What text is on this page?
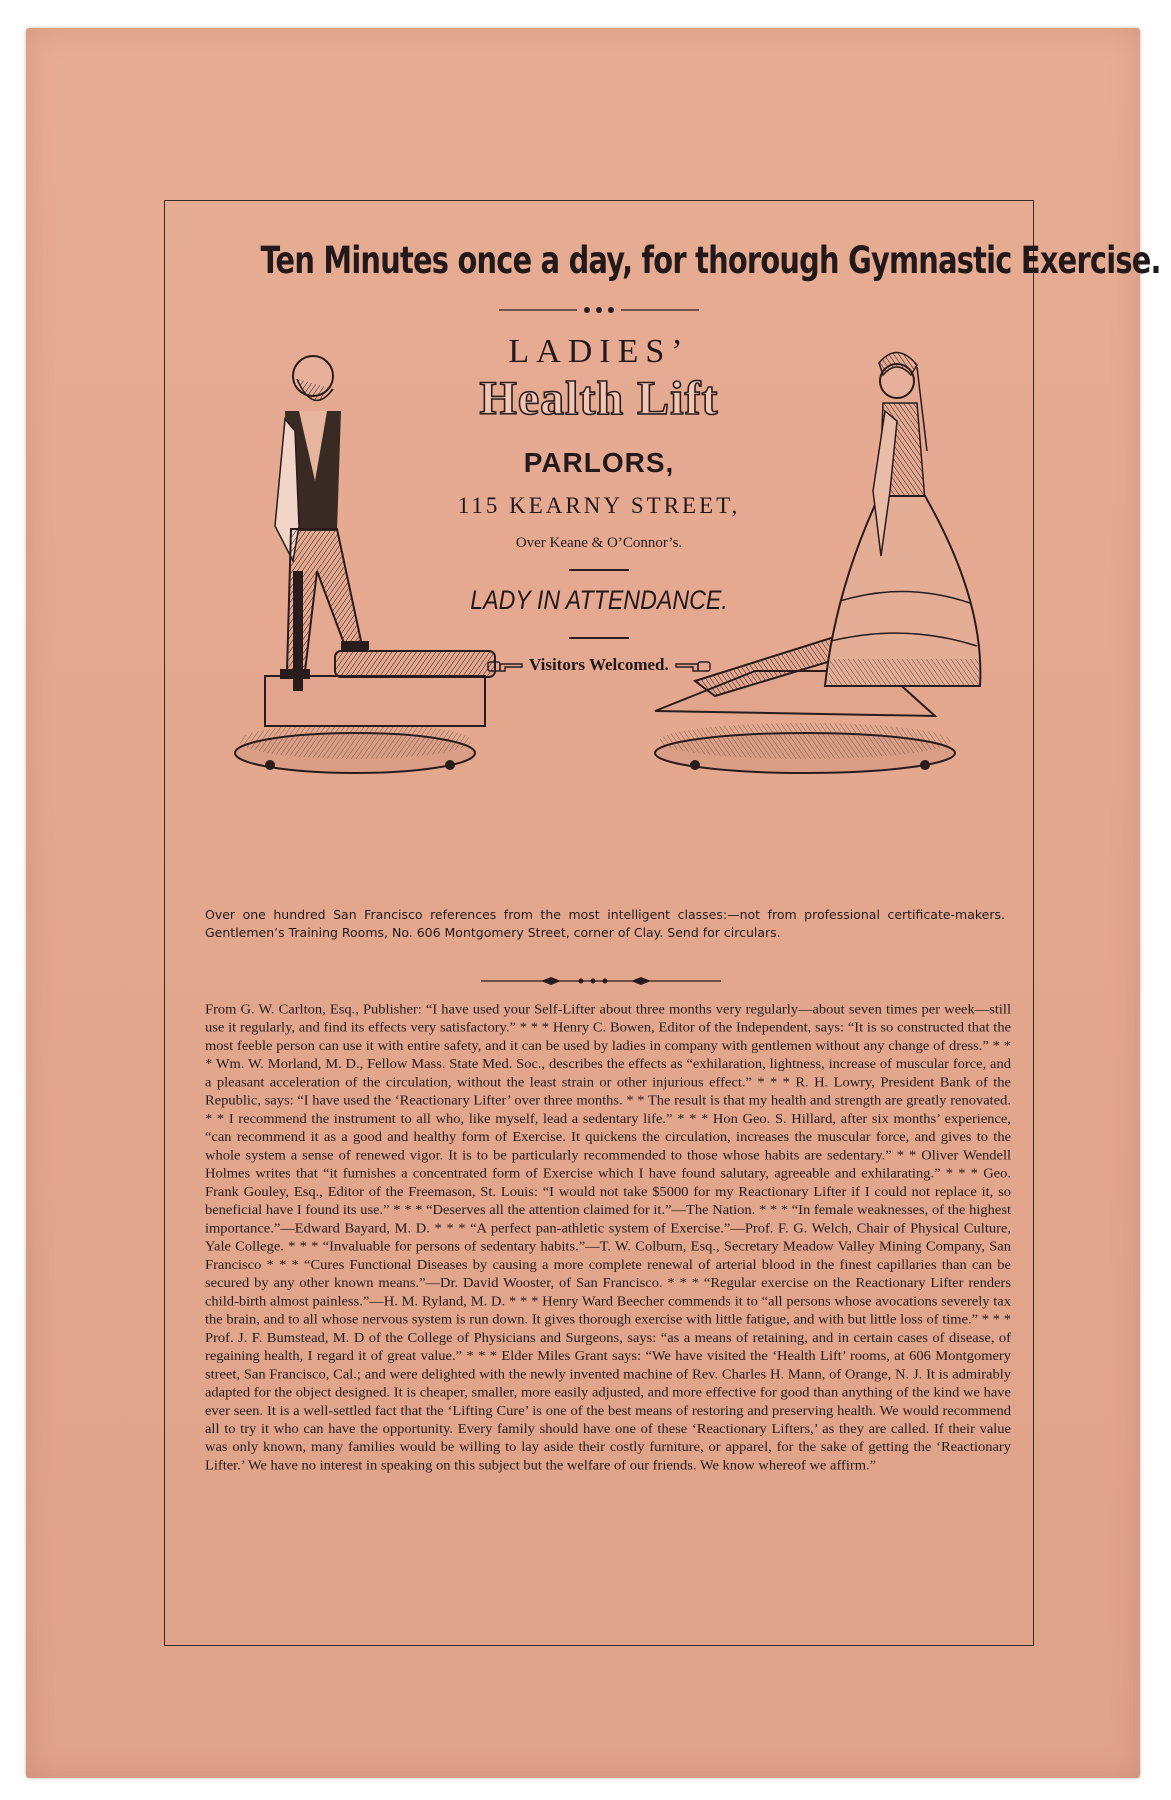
Ten Minutes once a day, for thorough Gymnastic Exercise.
LADIES’
Health Lift
PARLORS,
115 KEARNY STREET,
Over Keane & O’Connor’s.
LADY IN ATTENDANCE.
Visitors Welcomed.
Over one hundred San Francisco references from the most intelligent classes:—not from professional certificate-makers. Gentlemen’s Training Rooms, No. 606 Montgomery Street, corner of Clay. Send for circulars.

From G. W. Carlton, Esq., Publisher: “I have used your Self-Lifter about three months very regularly—about seven times per week—still use it regularly, and find its effects very satisfactory.” * * * Henry C. Bowen, Editor of the Independent, says: “It is so constructed that the most feeble person can use it with entire safety, and it can be used by ladies in company with gentlemen without any change of dress.” * * * Wm. W. Morland, M. D., Fellow Mass. State Med. Soc., describes the effects as “exhilaration, lightness, increase of muscular force, and a pleasant acceleration of the circulation, without the least strain or other injurious effect.” * * * R. H. Lowry, President Bank of the Republic, says: “I have used the ‘Reactionary Lifter’ over three months. * * The result is that my health and strength are greatly renovated. * * I recommend the instrument to all who, like myself, lead a sedentary life.” * * * Hon Geo. S. Hillard, after six months’ experience, “can recommend it as a good and healthy form of Exercise. It quickens the circulation, increases the muscular force, and gives to the whole system a sense of renewed vigor. It is to be particularly recommended to those whose habits are sedentary.” * * Oliver Wendell Holmes writes that “it furnishes a concentrated form of Exercise which I have found salutary, agreeable and exhilarating.” * * * Geo. Frank Gouley, Esq., Editor of the Freemason, St. Louis: “I would not take $5000 for my Reactionary Lifter if I could not replace it, so beneficial have I found its use.” * * * “Deserves all the attention claimed for it.”—The Nation. * * * “In female weaknesses, of the highest importance.”—Edward Bayard, M. D. * * * “A perfect pan-athletic system of Exercise.”—Prof. F. G. Welch, Chair of Physical Culture, Yale College. * * * “Invaluable for persons of sedentary habits.”—T. W. Colburn, Esq., Secretary Meadow Valley Mining Company, San Francisco * * * “Cures Functional Diseases by causing a more complete renewal of arterial blood in the finest capillaries than can be secured by any other known means.”—Dr. David Wooster, of San Francisco. * * * “Regular exercise on the Reactionary Lifter renders child-birth almost painless.”—H. M. Ryland, M. D. * * * Henry Ward Beecher commends it to “all persons whose avocations severely tax the brain, and to all whose nervous system is run down. It gives thorough exercise with little fatigue, and with but little loss of time.” * * * Prof. J. F. Bumstead, M. D of the College of Physicians and Surgeons, says: “as a means of retaining, and in certain cases of disease, of regaining health, I regard it of great value.” * * * Elder Miles Grant says: “We have visited the ‘Health Lift’ rooms, at 606 Montgomery street, San Francisco, Cal.; and were delighted with the newly invented machine of Rev. Charles H. Mann, of Orange, N. J. It is admirably adapted for the object designed. It is cheaper, smaller, more easily adjusted, and more effective for good than anything of the kind we have ever seen. It is a well-settled fact that the ‘Lifting Cure’ is one of the best means of restoring and preserving health. We would recommend all to try it who can have the opportunity. Every family should have one of these ‘Reactionary Lifters,’ as they are called. If their value was only known, many families would be willing to lay aside their costly furniture, or apparel, for the sake of getting the ‘Reactionary Lifter.’ We have no interest in speaking on this subject but the welfare of our friends. We know whereof we affirm.”
